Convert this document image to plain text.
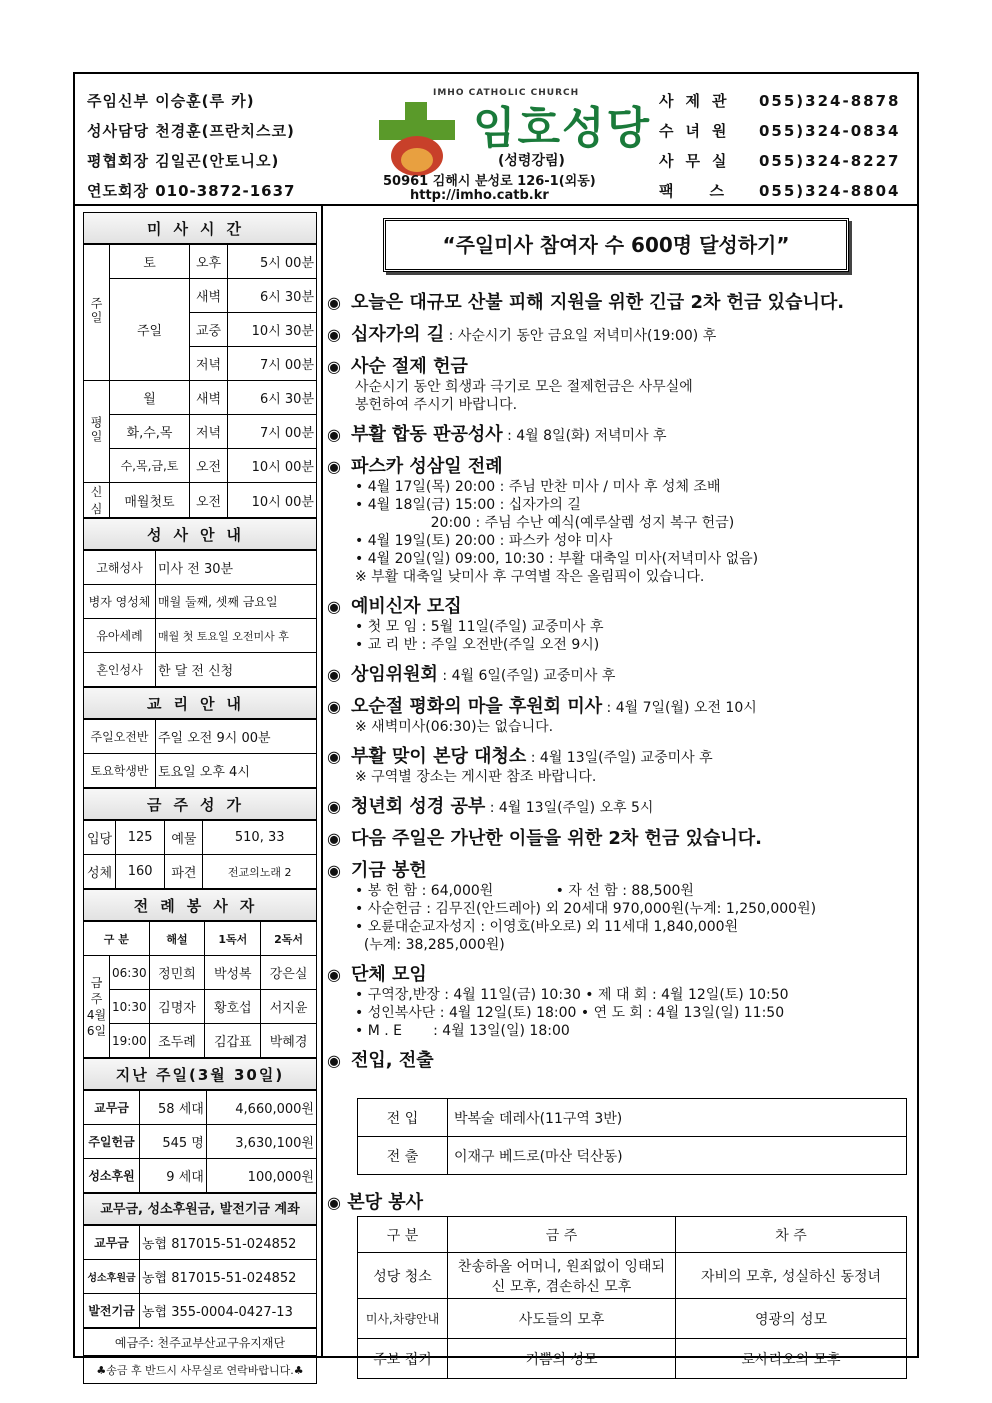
주임신부 이승훈(루 카)
성사담당 천경훈(프란치스코)
평협회장 김일곤(안토니오)
연도회장 010-3872-1637
IMHO CATHOLIC CHURCH
임호성당
(성령강림)
50961 김해시 분성로 126-1(외동)
http://imho.catb.kr
사제관	055)324-8878
수녀원	055)324-0834
사무실	055)324-8227
팩스 055)324-8804
미사시간
주일	토	오후	5시 00분
	주일	새벽	6시 30분
		교중	10시 30분
		저녁	7시 00분
평일	월	새벽	6시 30분
	화,수,목	저녁	7시 00분
	수,목,금,토	오전	10시 00분
신심	매월첫토	오전	10시 00분
성사안내
고해성사	미사 전 30분
병자 영성체	매월 둘째, 셋째 금요일
유아세례	매월 첫 토요일 오전미사 후
혼인성사	한 달 전 신청
교리안내
주일오전반	주일 오전 9시 00분
토요학생반	토요일 오후 4시
금주성가
입당	125	예물	510, 33
성체	160	파견	전교의노래 2
전례봉사자
구 분		해설	1독서	2독서
금주 4월 6일	06:30	정민희	박성복	강은실
	10:30	김명자	황호섭	서지윤
	19:00	조두례	김갑표	박혜경
지난 주일(3월 30일)
교무금	58 세대	4,660,000원
주일헌금	545 명	3,630,100원
성소후원	9 세대	100,000원
교무금, 성소후원금, 발전기금 계좌
교무금	농협 817015-51-024852
성소후원금	농협 817015-51-024852
발전기금	농협 355-0004-0427-13
예금주: 천주교부산교구유지재단
♣송금 후 반드시 사무실로 연락바랍니다.♣
“주일미사 참여자 수 600명 달성하기”
◉ 오늘은 대규모 산불 피해 지원을 위한 긴급 2차 헌금 있습니다.
◉ 십자가의 길 : 사순시기 동안 금요일 저녁미사(19:00) 후
◉ 사순 절제 헌금
사순시기 동안 희생과 극기로 모은 절제헌금은 사무실에
봉헌하여 주시기 바랍니다.
◉ 부활 합동 판공성사 : 4월 8일(화) 저녁미사 후
◉ 파스카 성삼일 전례
• 4월 17일(목) 20:00 : 주님 만찬 미사 / 미사 후 성체 조배
• 4월 18일(금) 15:00 : 십자가의 길
20:00 : 주님 수난 예식(예루살렘 성지 복구 헌금)
• 4월 19일(토) 20:00 : 파스카 성야 미사
• 4월 20일(일) 09:00, 10:30 : 부활 대축일 미사(저녁미사 없음)
※ 부활 대축일 낮미사 후 구역별 작은 올림픽이 있습니다.
◉ 예비신자 모집
• 첫 모 임 : 5월 11일(주일) 교중미사 후
• 교 리 반 : 주일 오전반(주일 오전 9시)
◉ 상임위원회 : 4월 6일(주일) 교중미사 후
◉ 오순절 평화의 마을 후원회 미사 : 4월 7일(월) 오전 10시
※ 새벽미사(06:30)는 없습니다.
◉ 부활 맞이 본당 대청소 : 4월 13일(주일) 교중미사 후
※ 구역별 장소는 게시판 참조 바랍니다.
◉ 청년회 성경 공부 : 4월 13일(주일) 오후 5시
◉ 다음 주일은 가난한 이들을 위한 2차 헌금 있습니다.
◉ 기금 봉헌
• 봉 헌 함 : 64,000원              • 자 선 함 : 88,500원
• 사순헌금 : 김무진(안드레아) 외 20세대 970,000원(누계: 1,250,000원)
• 오륜대순교자성지 : 이영호(바오로) 외 11세대 1,840,000원
(누계: 38,285,000원)
◉ 단체 모임
• 구역장,반장 : 4월 11일(금) 10:30 • 제 대 회 : 4월 12일(토) 10:50
• 성인복사단 : 4월 12일(토) 18:00 • 연 도 회 : 4월 13일(일) 11:50
• M . E       : 4월 13일(일) 18:00
◉ 전입, 전출
전 입	박복술 데레사(11구역 3반)
전 출	이재구 베드로(마산 덕산동)
◉ 본당 봉사
구 분	금 주	차 주
성당 청소	찬송하올 어머니, 원죄없이 잉태되신 모후, 겸손하신 모후	자비의 모후, 성실하신 동정녀
미사,차량안내	사도들의 모후	영광의 성모
주보 접기	기쁨의 성모	로사리오의 모후
